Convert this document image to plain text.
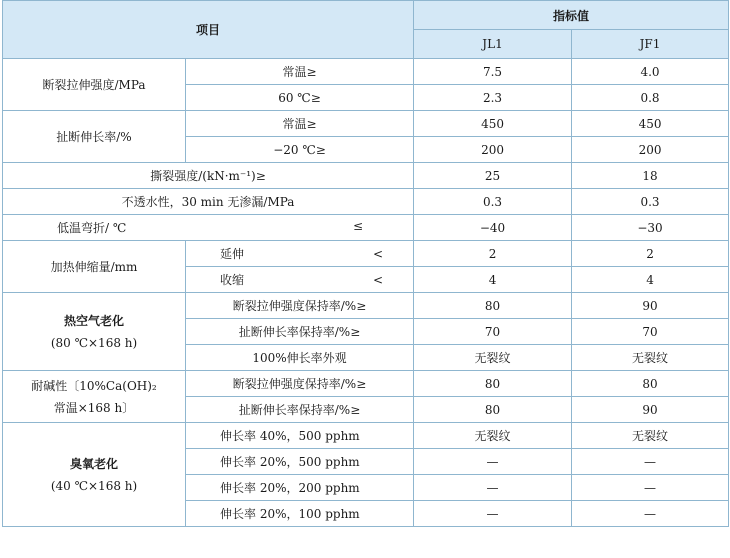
项目		指标值	
		JL1	JF1
断裂拉伸强度/MPa	常温≥	7.5	4.0
	60 ℃≥	2.3	0.8
扯断伸长率/%	常温≥	450	450
	−20 ℃≥	200	200
撕裂强度/(kN·m⁻¹)≥		25	18
不透水性，30 min 无渗漏/MPa		0.3	0.3

低温弯折/ ℃ ≤		−40	−30
加热伸缩量/mm	延伸 <	2	2

	收缩 <	4	4

热空气老化
(80 ℃×168 h)	断裂拉伸强度保持率/%≥	80	90
	扯断伸长率保持率/%≥	70	70
	100%伸长率外观	无裂纹	无裂纹

耐碱性〔10%Ca(OH)₂
常温×168 h〕	断裂拉伸强度保持率/%≥	80	80
	扯断伸长率保持率/%≥	80	90

臭氧老化
(40 ℃×168 h)	伸长率 40%，500 pphm	无裂纹	无裂纹
	伸长率 20%，500 pphm	—	—
	伸长率 20%，200 pphm	—	—
	伸长率 20%，100 pphm	—	—
